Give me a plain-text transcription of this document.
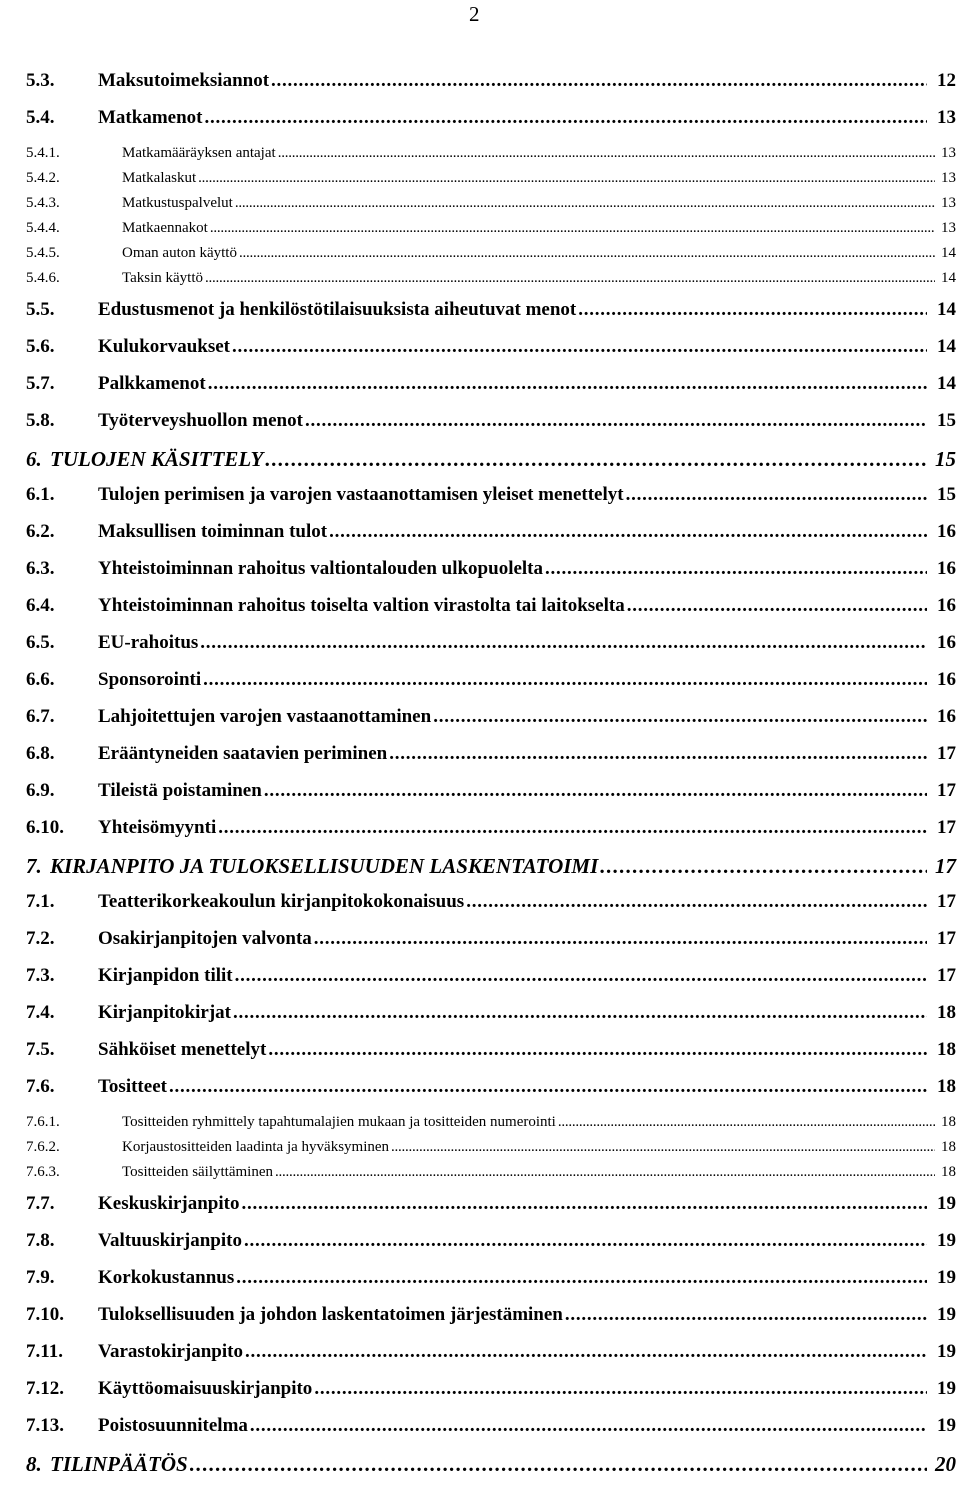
2
5.3. Maksutoimeksiannot . . .	12
5.4. Matkamenot . . .	13
5.4.1.	Matkamääräyksen antajat . . .	13
5.4.2.	Matkalaskut . . .	13
5.4.3.	Matkustuspalvelut . . .	13
5.4.4.	Matkaennakot . . .	13
5.4.5.	Oman auton käyttö . . .	14
5.4.6.	Taksin käyttö . . .	14
5.5. Edustusmenot ja henkilöstötilaisuuksista aiheutuvat menot . . .	14
5.6. Kulukorvaukset . . .	14
5.7. Palkkamenot . . .	14
5.8. Työterveyshuollon menot . . .	15
6. TULOJEN KÄSITTELY . . .	15
6.1. Tulojen perimisen ja varojen vastaanottamisen yleiset menettelyt . . .	15
6.2. Maksullisen toiminnan tulot . . .	16
6.3. Yhteistoiminnan rahoitus valtiontalouden ulkopuolelta . . .	16
6.4. Yhteistoiminnan rahoitus toiselta valtion virastolta tai laitokselta . . .	16
6.5. EU-rahoitus . . .	16
6.6. Sponsorointi . . .	16
6.7. Lahjoitettujen varojen vastaanottaminen . . .	16
6.8. Erääntyneiden saatavien periminen . . .	17
6.9. Tileistä poistaminen . . .	17
6.10. Yhteisömyynti . . .	17
7. KIRJANPITO JA TULOKSELLISUUDEN LASKENTATOIMI . . .	17
7.1. Teatterikorkeakoulun kirjanpitokokonaisuus . . .	17
7.2. Osakirjanpitojen valvonta . . .	17
7.3. Kirjanpidon tilit . . .	17
7.4. Kirjanpitokirjat . . .	18
7.5. Sähköiset menettelyt . . .	18
7.6. Tositteet . . .	18
7.6.1.	Tositteiden ryhmittely tapahtumalajien mukaan ja tositteiden numerointi . . .	18
7.6.2.	Korjaustositteiden laadinta ja hyväksyminen . . .	18
7.6.3.	Tositteiden säilyttäminen . . .	18
7.7. Keskuskirjanpito . . .	19
7.8. Valtuuskirjanpito . . .	19
7.9. Korkokustannus . . .	19
7.10. Tuloksellisuuden ja johdon laskentatoimen järjestäminen . . .	19
7.11. Varastokirjanpito . . .	19
7.12. Käyttöomaisuuskirjanpito . . .	19
7.13. Poistosuunnitelma . . .	19
8. TILINPÄÄTÖS . . .	20
